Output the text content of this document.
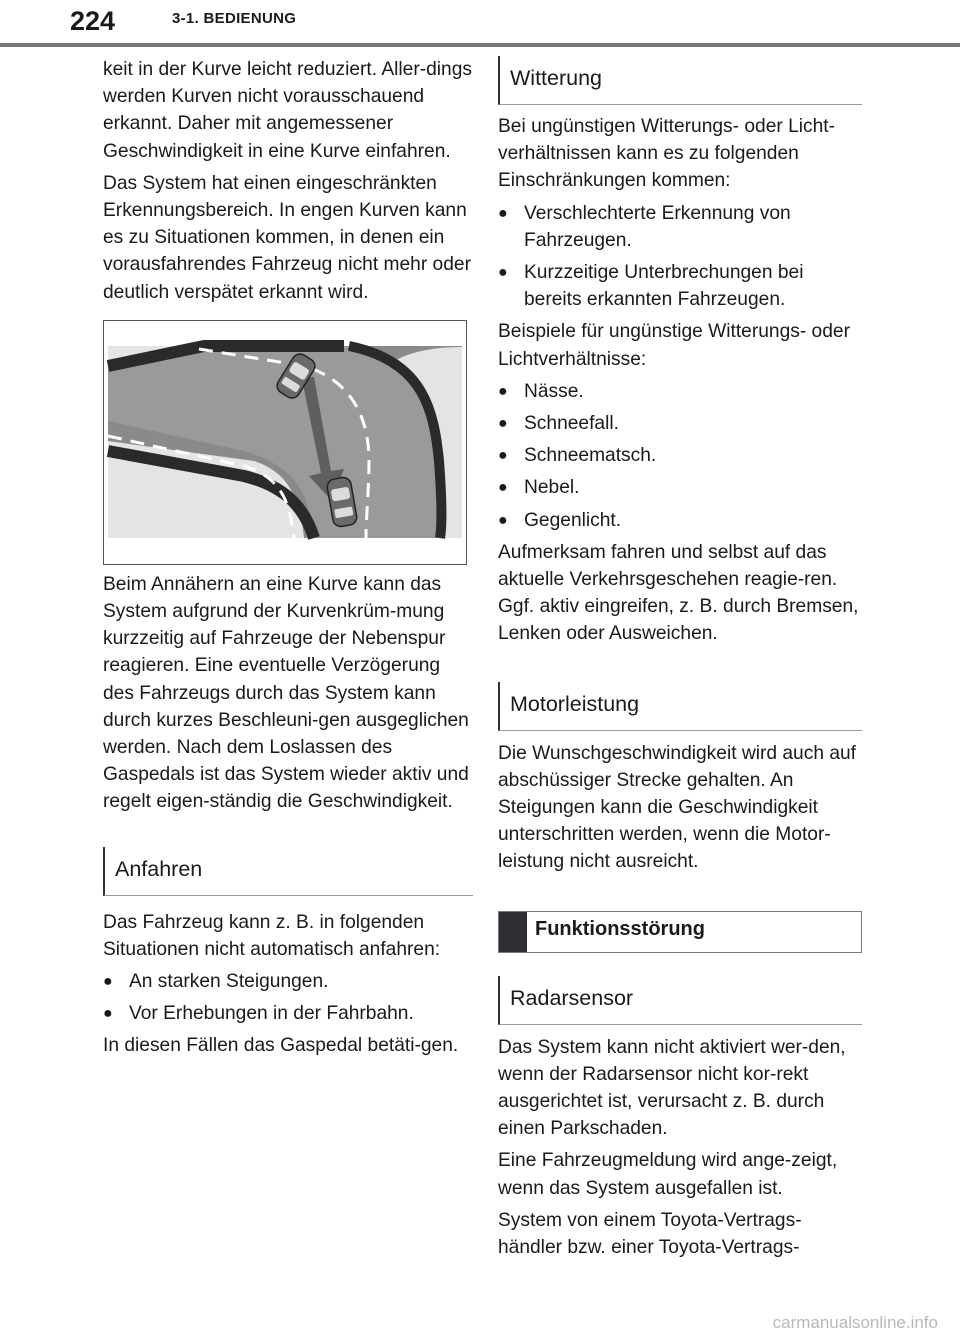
224	3-1. BEDIENUNG

keit in der Kurve leicht reduziert. Aller-dings werden Kurven nicht vorausschauend erkannt. Daher mit angemessener Geschwindigkeit in eine Kurve einfahren.

Das System hat einen eingeschränkten Erkennungsbereich. In engen Kurven kann es zu Situationen kommen, in denen ein vorausfahrendes Fahrzeug nicht mehr oder deutlich verspätet erkannt wird.

Beim Annähern an eine Kurve kann das System aufgrund der Kurvenkrüm-mung kurzzeitig auf Fahrzeuge der Nebenspur reagieren. Eine eventuelle Verzögerung des Fahrzeugs durch das System kann durch kurzes Beschleuni-gen ausgeglichen werden. Nach dem Loslassen des Gaspedals ist das System wieder aktiv und regelt eigen-ständig die Geschwindigkeit.

Anfahren

Das Fahrzeug kann z. B. in folgenden Situationen nicht automatisch anfahren:

● An starken Steigungen.
● Vor Erhebungen in der Fahrbahn.

In diesen Fällen das Gaspedal betäti-gen.

Witterung

Bei ungünstigen Witterungs- oder Licht-verhältnissen kann es zu folgenden Einschränkungen kommen:

● Verschlechterte Erkennung von Fahrzeugen.
● Kurzzeitige Unterbrechungen bei bereits erkannten Fahrzeugen.

Beispiele für ungünstige Witterungs- oder Lichtverhältnisse:

● Nässe.
● Schneefall.
● Schneematsch.
● Nebel.
● Gegenlicht.

Aufmerksam fahren und selbst auf das aktuelle Verkehrsgeschehen reagie-ren. Ggf. aktiv eingreifen, z. B. durch Bremsen, Lenken oder Ausweichen.

Motorleistung

Die Wunschgeschwindigkeit wird auch auf abschüssiger Strecke gehalten. An Steigungen kann die Geschwindigkeit unterschritten werden, wenn die Motor-leistung nicht ausreicht.

Funktionsstörung
Radarsensor

Das System kann nicht aktiviert wer-den, wenn der Radarsensor nicht kor-rekt ausgerichtet ist, verursacht z. B. durch einen Parkschaden.

Eine Fahrzeugmeldung wird ange-zeigt, wenn das System ausgefallen ist.

System von einem Toyota-Vertrags-händler bzw. einer Toyota-Vertrags-

carmanualsonline.info
